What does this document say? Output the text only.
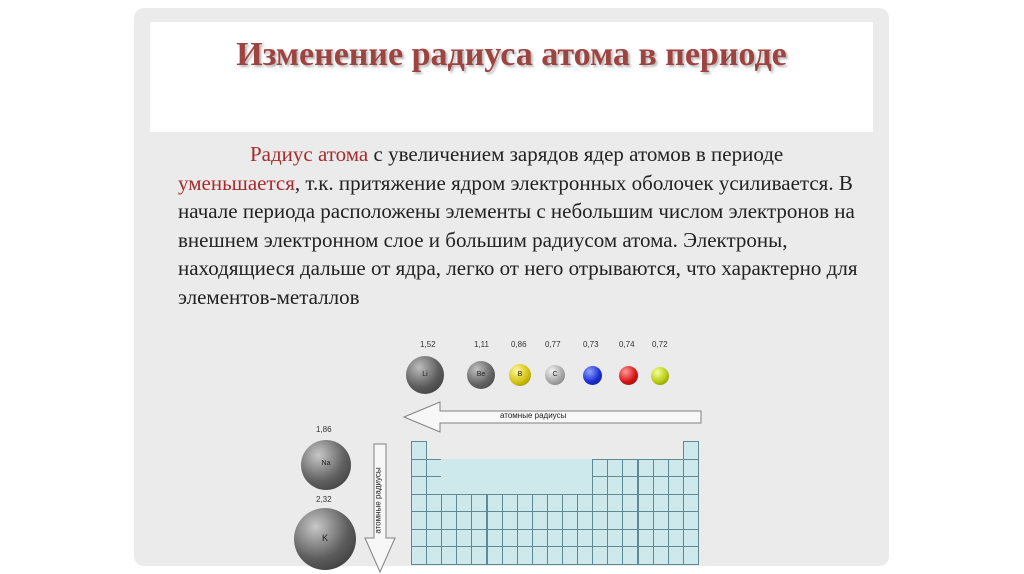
Изменение радиуса атома в периоде
Радиус атома с увеличением зарядов ядер атомов в периоде уменьшается, т.к. притяжение ядром электронных оболочек усиливается. В начале периода расположены элементы с небольшим числом электронов на внешнем электронном слое и большим радиусом атома. Электроны, находящиеся дальше от ядра, легко от него отрываются, что характерно для элементов-металлов
1,52	1,11	0,86 0,77	0,73	0,74 0,72
Li	Be	B	C
атомные радиусы
1,86
Na
2,32
K
атомные радиусы
